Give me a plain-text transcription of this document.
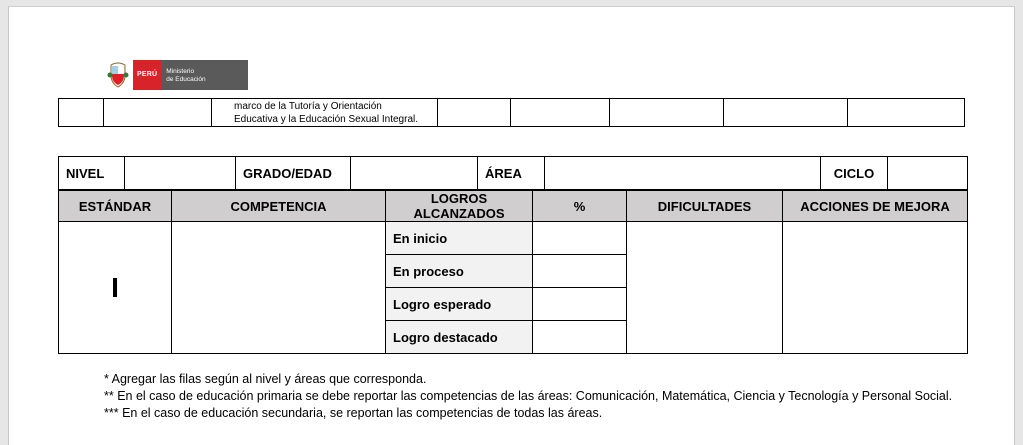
PERÚ	Ministerio
de Educación

marco de la Tutoría y Orientación
Educativa y la Educación Sexual Integral.

NIVEL		GRADO/EDAD		ÁREA		CICLO	
ESTÁNDAR	COMPETENCIA	LOGROS ALCANZADOS	%	DIFICULTADES	ACCIONES DE MEJORA
I		En inicio			
		En proceso			
		Logro esperado			
		Logro destacado			
* Agregar las filas según al nivel y áreas que corresponda.
** En el caso de educación primaria se debe reportar las competencias de las áreas: Comunicación, Matemática, Ciencia y Tecnología y Personal Social.
*** En el caso de educación secundaria, se reportan las competencias de todas las áreas.
